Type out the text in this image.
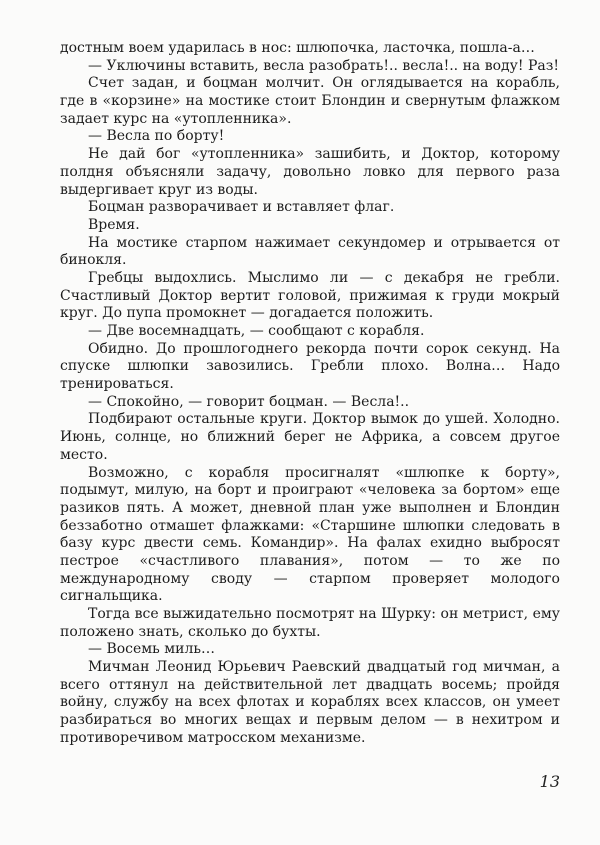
достным воем ударилась в нос: шлюпочка, ласточка, пошла-а…

— Уключины вставить, весла разобрать!.. весла!.. на воду! Раз!

Счет задан, и боцман молчит. Он оглядывается на корабль, где в «корзине» на мостике стоит Блондин и свернутым флажком задает курс на «утопленника».

— Весла по борту!

Не дай бог «утопленника» зашибить, и Доктор, которому полдня объясняли задачу, довольно ловко для первого раза выдергивает круг из воды.

Боцман разворачивает и вставляет флаг.

Время.

На мостике старпом нажимает секундомер и отрывается от бинокля.

Гребцы выдохлись. Мыслимо ли — с декабря не гребли. Счастливый Доктор вертит головой, прижимая к груди мокрый круг. До пупа промокнет — догадается положить.

— Две восемнадцать, — сообщают с корабля.

Обидно. До прошлогоднего рекорда почти сорок секунд. На спуске шлюпки завозились. Гребли плохо. Волна… Надо тренироваться.

— Спокойно, — говорит боцман. — Весла!..

Подбирают остальные круги. Доктор вымок до ушей. Холодно. Июнь, солнце, но ближний берег не Африка, а совсем другое место.

Возможно, с корабля просигналят «шлюпке к борту», подымут, милую, на борт и проиграют «человека за бортом» еще разиков пять. А может, дневной план уже выполнен и Блондин беззаботно отмашет флажками: «Старшине шлюпки следовать в базу курс двести семь. Командир». На фалах ехидно выбросят пестрое «счастливого плавания», потом — то же по международному своду — старпом проверяет молодого сигнальщика.

Тогда все выжидательно посмотрят на Шурку: он метрист, ему положено знать, сколько до бухты.

— Восемь миль…

Мичман Леонид Юрьевич Раевский двадцатый год мичман, а всего оттянул на действительной лет двадцать восемь; пройдя войну, службу на всех флотах и кораблях всех классов, он умеет разбираться во многих вещах и первым делом — в нехитром и противоречивом матросском механизме.

13
